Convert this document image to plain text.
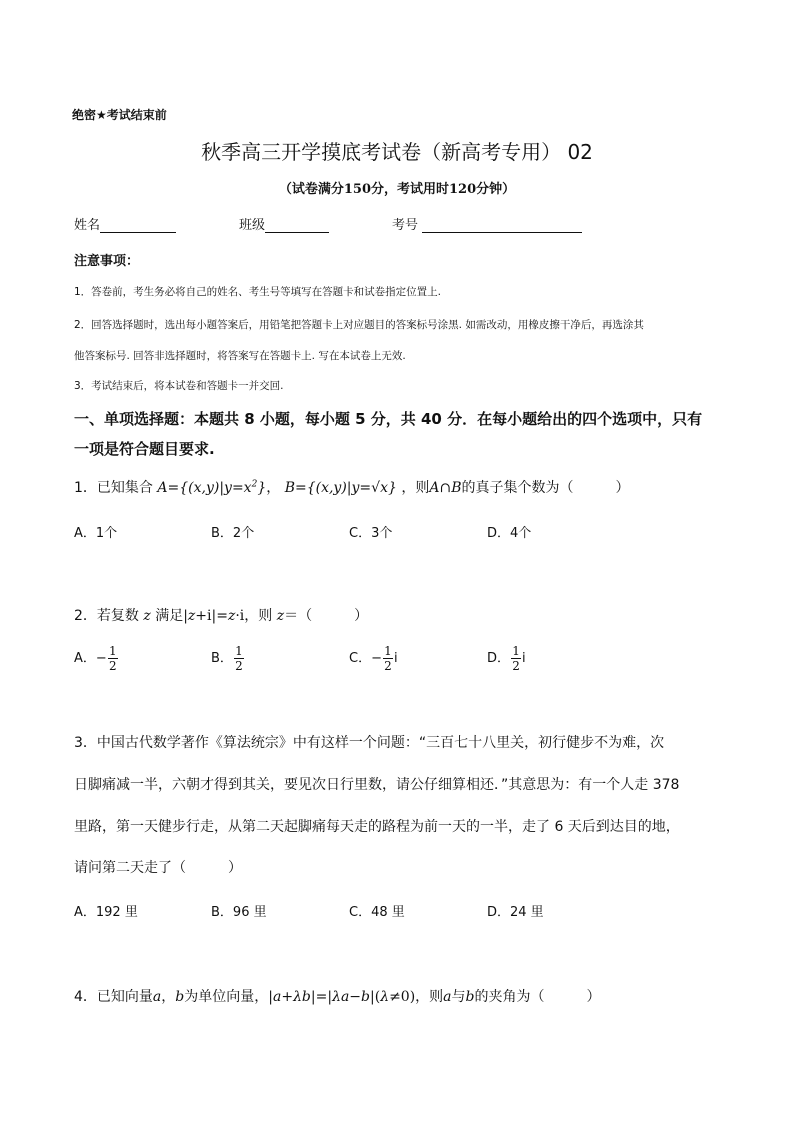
绝密★考试结束前
秋季高三开学摸底考试卷（新高考专用） 02
（试卷满分150分，考试用时120分钟）
姓名	班级	考号
注意事项：
1．答卷前，考生务必将自己的姓名、考生号等填写在答题卡和试卷指定位置上.
2．回答选择题时，选出每小题答案后，用铅笔把答题卡上对应题目的答案标号涂黑. 如需改动，用橡皮擦干净后，再选涂其
他答案标号. 回答非选择题时，将答案写在答题卡上. 写在本试卷上无效.
3．考试结束后，将本试卷和答题卡一并交回.
一、单项选择题：本题共 8 小题，每小题 5 分，共 40 分．在每小题给出的四个选项中，只有
一项是符合题目要求.
1．已知集合 $A=\{(x,y)|y=x^2\}$， B={(x,y)|y=√x} ，则A∩B的真子集个数为（　　　）
A．1个	B．2个	C．3个	D．4个
2．若复数 z 满足|z+i|=z·i，则 z＝（　　　）
A．− $\frac{1}{2}$	B． $\frac{1}{2}$	C．− $\frac{1}{2}$ i	D． $\frac{1}{2}$ i
3．中国古代数学著作《算法统宗》中有这样一个问题：“三百七十八里关，初行健步不为难，次
日脚痛减一半，六朝才得到其关，要见次日行里数，请公仔细算相还．”其意思为：有一个人走 378
里路，第一天健步行走，从第二天起脚痛每天走的路程为前一天的一半，走了 6 天后到达目的地，
请问第二天走了（　　　）
A．192 里	B．96 里	C．48 里	D．24 里
4．已知向量a，b为单位向量，|a+λb|=|λa−b|(λ≠0)，则a与b的夹角为（　　　）
